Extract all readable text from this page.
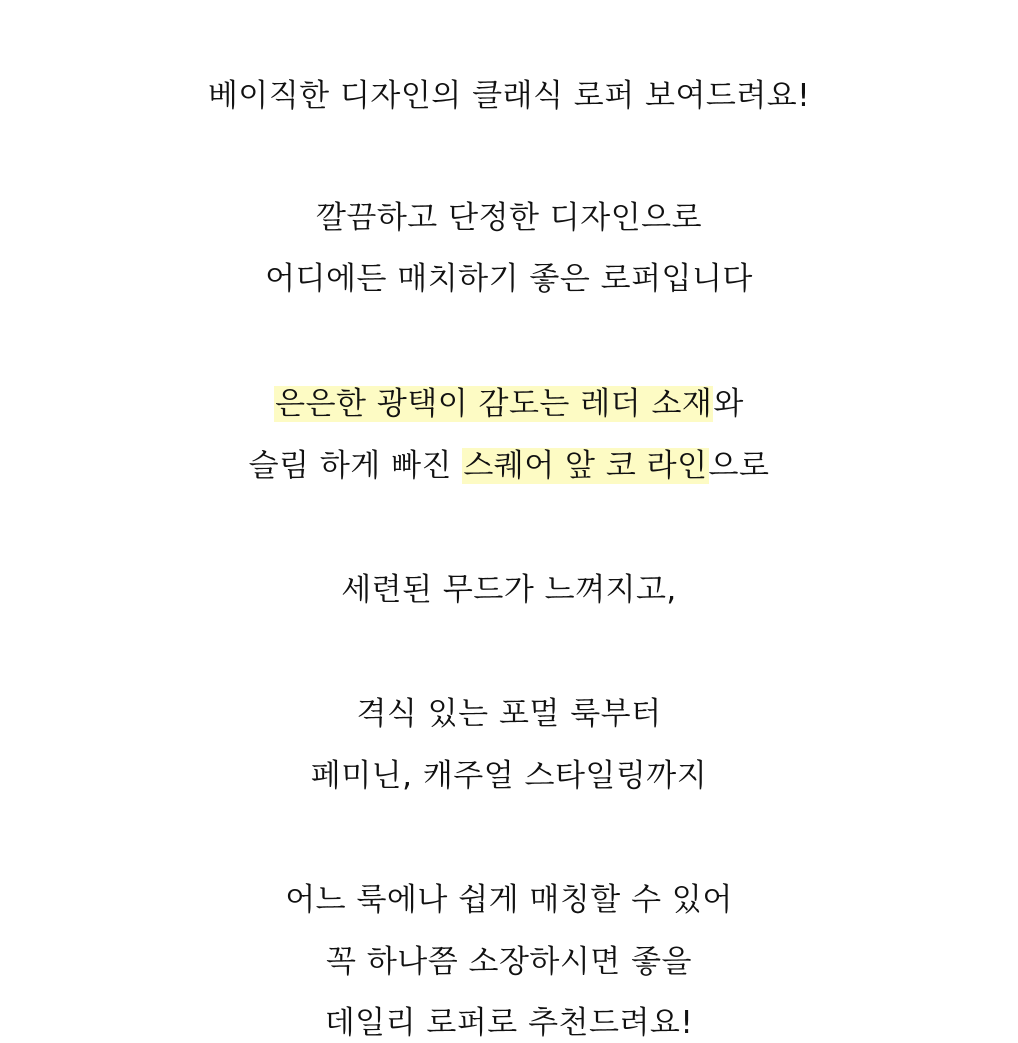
베이직한 디자인의 클래식 로퍼 보여드려요!
깔끔하고 단정한 디자인으로
어디에든 매치하기 좋은 로퍼입니다
은은한 광택이 감도는 레더 소재와
슬림 하게 빠진 스퀘어 앞 코 라인으로
세련된 무드가 느껴지고,
격식 있는 포멀 룩부터
페미닌, 캐주얼 스타일링까지
어느 룩에나 쉽게 매칭할 수 있어
꼭 하나쯤 소장하시면 좋을
데일리 로퍼로 추천드려요!
